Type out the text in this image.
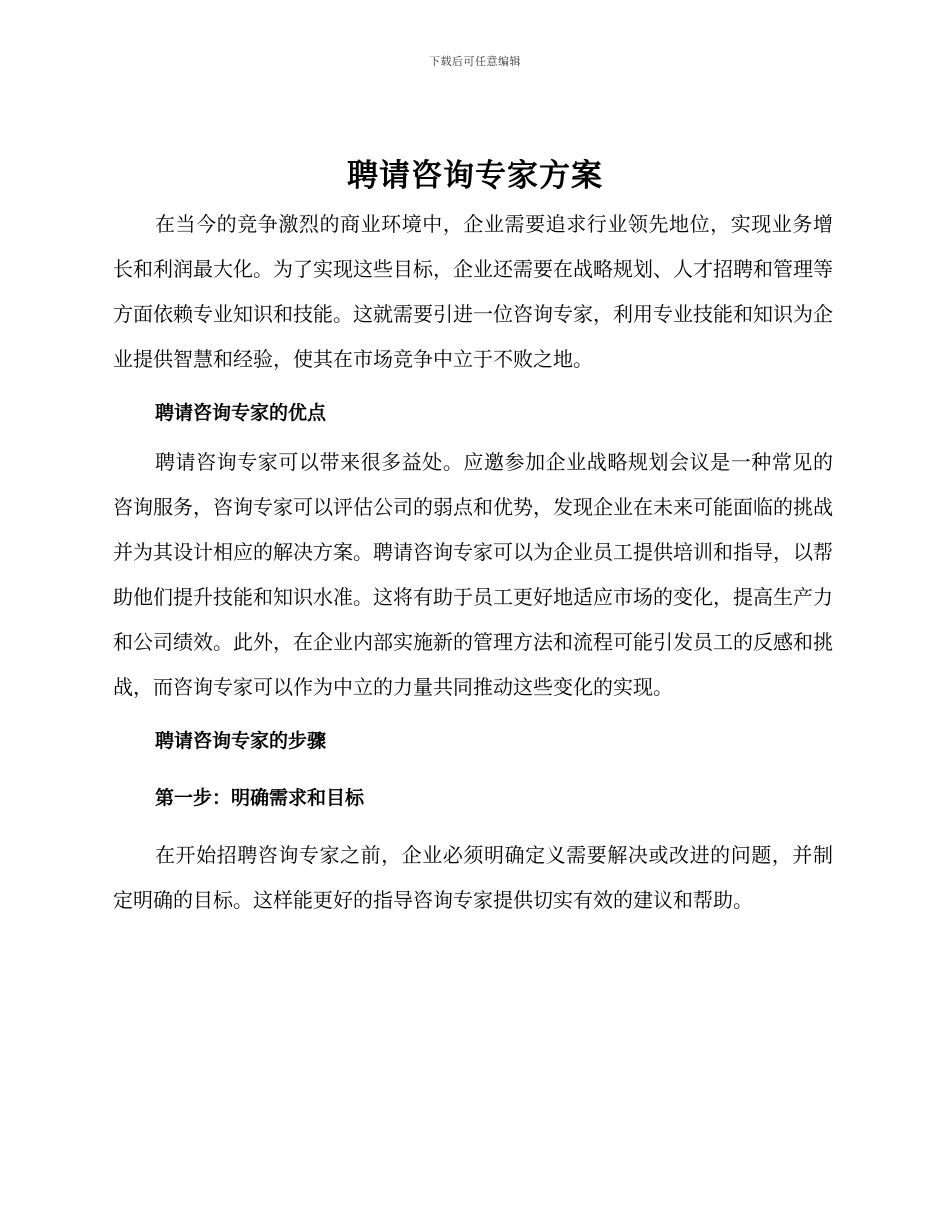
下载后可任意编辑
聘请咨询专家方案

在当今的竞争激烈的商业环境中，企业需要追求行业领先地位，实现业务增长和利润最大化。为了实现这些目标，企业还需要在战略规划、人才招聘和管理等方面依赖专业知识和技能。这就需要引进一位咨询专家，利用专业技能和知识为企业提供智慧和经验，使其在市场竞争中立于不败之地。

聘请咨询专家的优点

聘请咨询专家可以带来很多益处。应邀参加企业战略规划会议是一种常见的咨询服务，咨询专家可以评估公司的弱点和优势，发现企业在未来可能面临的挑战并为其设计相应的解决方案。聘请咨询专家可以为企业员工提供培训和指导，以帮助他们提升技能和知识水准。这将有助于员工更好地适应市场的变化，提高生产力和公司绩效。此外，在企业内部实施新的管理方法和流程可能引发员工的反感和挑战，而咨询专家可以作为中立的力量共同推动这些变化的实现。

聘请咨询专家的步骤
第一步：明确需求和目标

在开始招聘咨询专家之前，企业必须明确定义需要解决或改进的问题，并制定明确的目标。这样能更好的指导咨询专家提供切实有效的建议和帮助。
